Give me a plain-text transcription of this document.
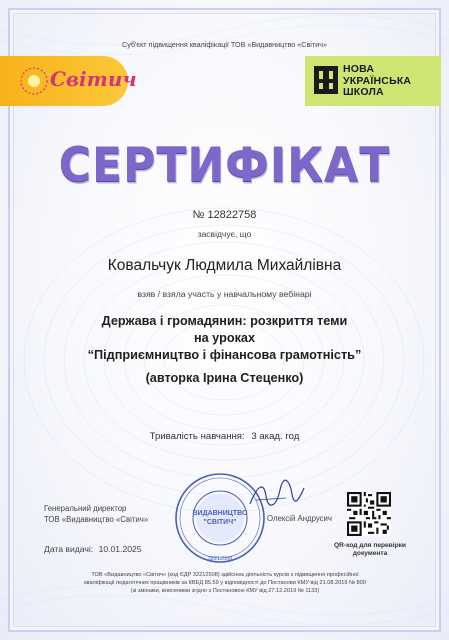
Суб'єкт підвищення кваліфікації ТОВ «Видавництво «Світич»
Світич	НОВА
УКРАЇНСЬКА
ШКОЛА
СЕРТИФІКАТ
№ 12822758
засвідчує, що
Ковальчук Людмила Михайлівна
взяв / взяла участь у навчальному вебінарі
Держава і громадянин: розкриття теми
на уроках
“Підприємництво і фінансова грамотність”
(авторка Ірина Стеценко)
Тривалість навчання: 3 акад. год
Генеральний директор
ТОВ «Видавництво «Світич»
ВИДАВНИЦТВО
"СВІТИЧ"
32212508
Олексій Андрусич
Дата видачі: 10.01.2025	QR-код для перевірки
документа
ТОВ «Видавництво «Світич» (код ЄДР 32212508) здійснює діяльність курсів з підвищення професійної
кваліфікації педагогічних працівників за КВЕД 85.59 у відповідності до Постанови КМУ від 21.08.2019 № 800
(зі змінами, внесеними згідно з Постановою КМУ від 27.12.2019 № 1133)
